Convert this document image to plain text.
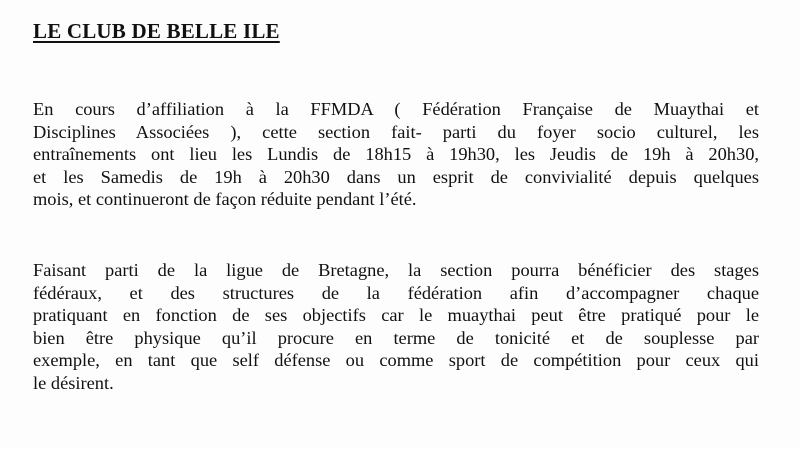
LE CLUB DE BELLE ILE

En cours d’affiliation à la FFMDA ( Fédération Française de Muaythai et
Disciplines Associées ), cette section fait- parti du foyer socio culturel, les
entraînements ont lieu les Lundis de 18h15 à 19h30, les Jeudis de 19h à 20h30,
et les Samedis de 19h à 20h30 dans un esprit de convivialité depuis quelques
mois, et continueront de façon réduite pendant l’été.

Faisant parti de la ligue de Bretagne, la section pourra bénéficier des stages
fédéraux, et des structures de la fédération afin d’accompagner chaque
pratiquant en fonction de ses objectifs car le muaythai peut être pratiqué pour le
bien être physique qu’il procure en terme de tonicité et de souplesse par
exemple, en tant que self défense ou comme sport de compétition pour ceux qui
le désirent.
